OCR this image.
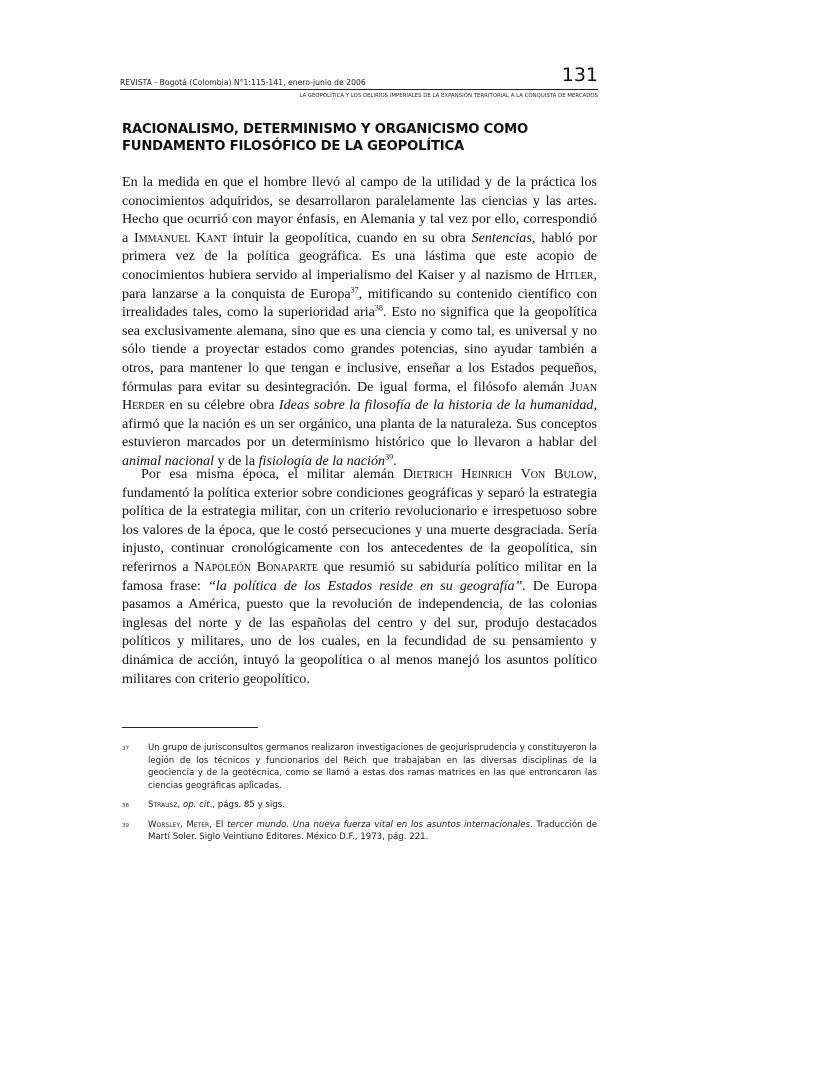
REVISTA - Bogotá (Colombia) N°1:115-141, enero-junio de 2006	131
LA GEOPOLÍTICA Y LOS DELIRIOS IMPERIALES DE LA EXPANSIÓN TERRITORIAL A LA CONQUISTA DE MERCADOS
RACIONALISMO, DETERMINISMO Y ORGANICISMO COMO
FUNDAMENTO FILOSÓFICO DE LA GEOPOLÍTICA

En la medida en que el hombre llevó al campo de la utilidad y de la práctica los conocimientos adquiridos, se desarrollaron paralelamente las ciencias y las artes. Hecho que ocurrió con mayor énfasis, en Alemania y tal vez por ello, correspondió a Immanuel Kant intuir la geopolítica, cuando en su obra Sentencias, habló por primera vez de la política geográfica. Es una lástima que este acopio de conocimientos hubiera servido al imperialismo del Kaiser y al nazismo de Hitler, para lanzarse a la conquista de Europa$^{37}$, mitificando su contenido científico con irrealidades tales, como la superioridad aria$^{38}$. Esto no significa que la geopolítica sea exclusivamente alemana, sino que es una ciencia y como tal, es universal y no sólo tiende a proyectar estados como grandes potencias, sino ayudar también a otros, para mantener lo que tengan e inclusive, enseñar a los Estados pequeños, fórmulas para evitar su desintegración. De igual forma, el filósofo alemán Juan Herder en su célebre obra Ideas sobre la filosofía de la historia de la humanidad, afirmó que la nación es un ser orgánico, una planta de la naturaleza. Sus conceptos estuvieron marcados por un determinismo histórico que lo llevaron a hablar del animal nacional y de la fisiología de la nación$^{39}$.

Por esa misma época, el militar alemán Dietrich Heinrich Von Bulow, fundamentó la política exterior sobre condiciones geográficas y separó la estrategia política de la estrategia militar, con un criterio revolucionario e irrespetuoso sobre los valores de la época, que le costó persecuciones y una muerte desgraciada. Sería injusto, continuar cronológicamente con los antecedentes de la geopolítica, sin referirnos a Napoleón Bonaparte que resumió su sabiduría político militar en la famosa frase: “la política de los Estados reside en su geografía”. De Europa pasamos a América, puesto que la revolución de independencia, de las colonias inglesas del norte y de las españolas del centro y del sur, produjo destacados políticos y militares, uno de los cuales, en la fecundidad de su pensamiento y dinámica de acción, intuyó la geopolítica o al menos manejó los asuntos político militares con criterio geopolítico.

37 Un grupo de jurisconsultos germanos realizaron investigaciones de geojurisprudencia y constituyeron la legión de los técnicos y funcionarios del Reich que trabajaban en las diversas disciplinas de la geociencia y de la geotécnica, como se llamó a estas dos ramas matrices en las que entroncaron las ciencias geográficas aplicadas.
38 Strausz, op. cit., págs. 85 y sigs.
39 Worsley, Meter, El tercer mundo. Una nueva fuerza vital en los asuntos internacionales. Traducción de Martí Soler. Siglo Veintiuno Editores. México D.F., 1973, pág. 221.
